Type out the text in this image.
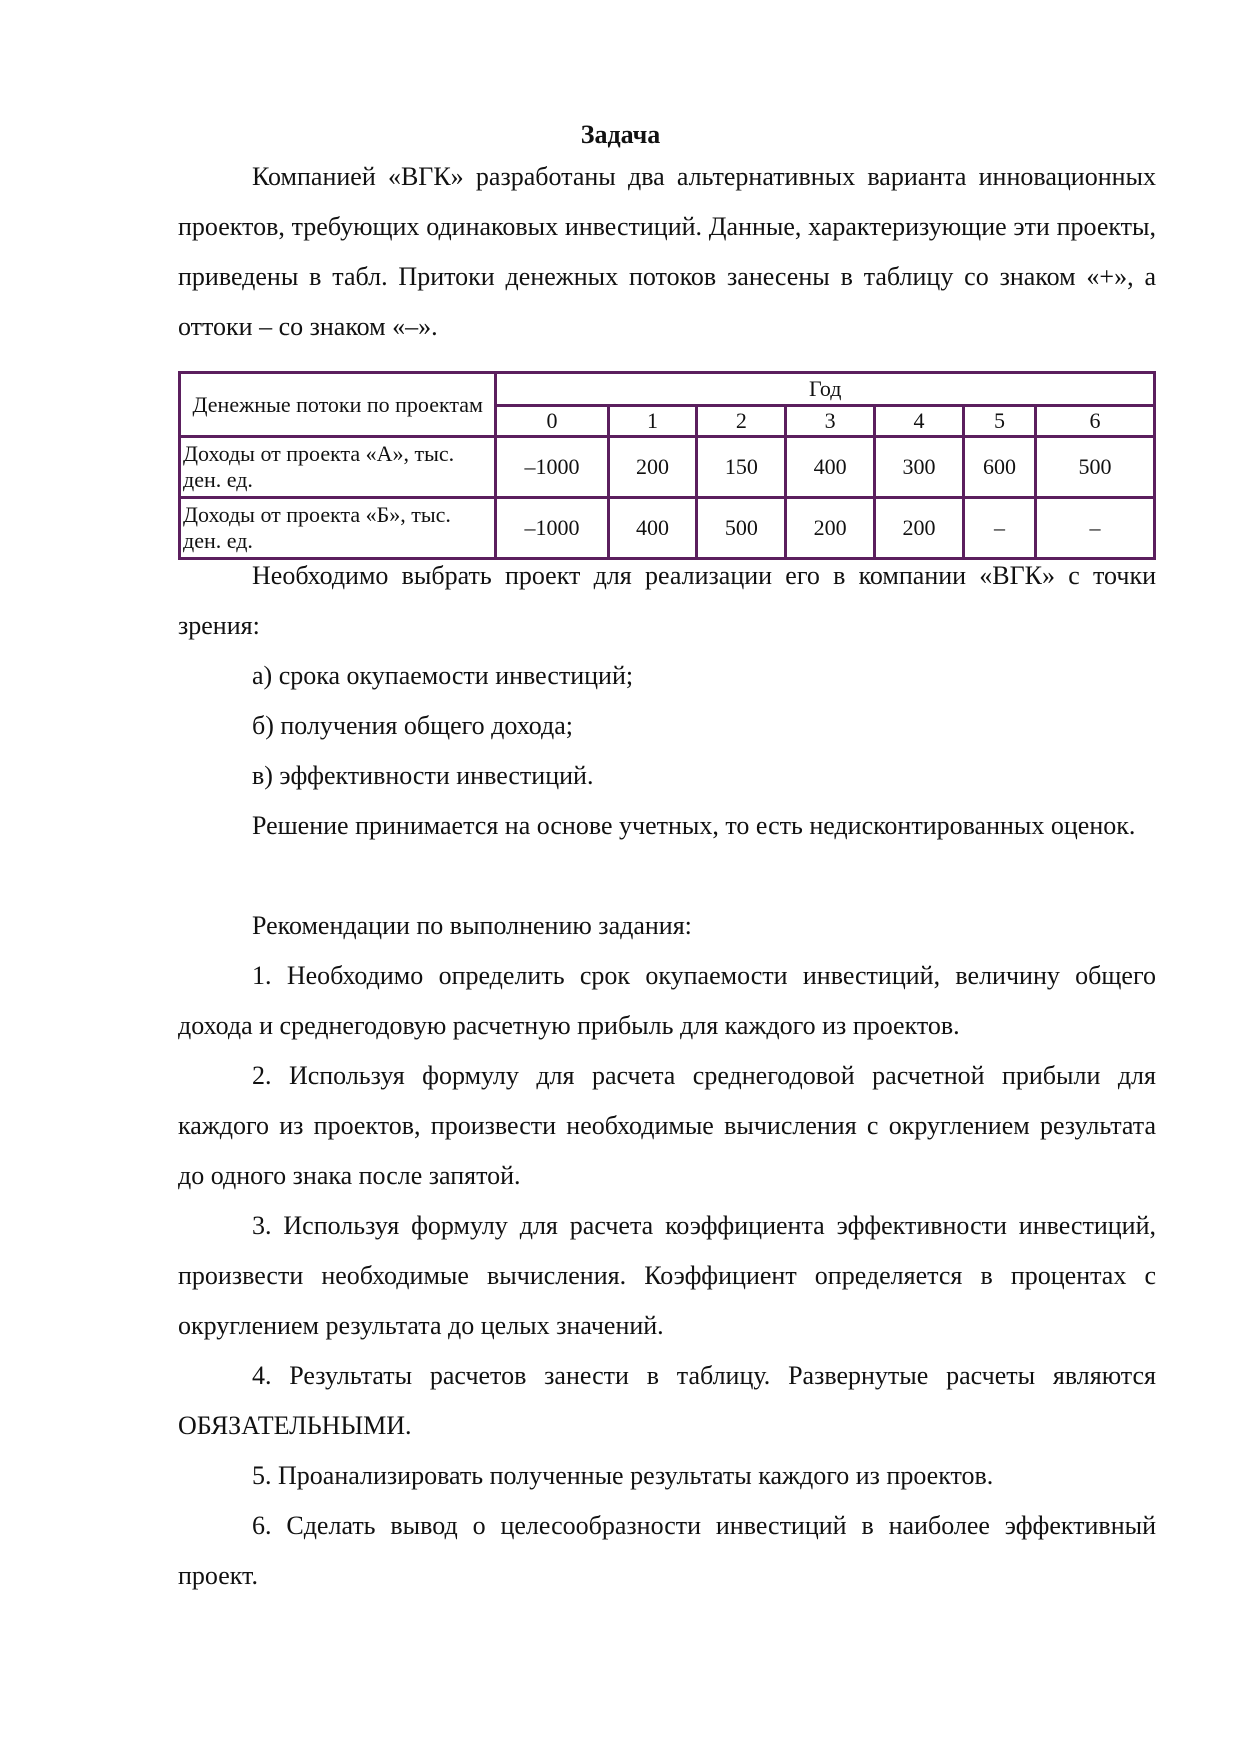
Задача
Компанией «ВГК» разработаны два альтернативных варианта инновационных проектов, требующих одинаковых инвестиций. Данные, характеризующие эти проекты, приведены в табл. Притоки денежных потоков занесены в таблицу со знаком «+», а оттоки – со знаком «–».
Денежные потоки по проектам	Год						
	0	1	2	3	4	5	6
Доходы от проекта «А», тыс. ден. ед.	–1000	200	150	400	300	600	500
Доходы от проекта «Б», тыс. ден. ед.	–1000	400	500	200	200	–	–
Необходимо выбрать проект для реализации его в компании «ВГК» с точки зрения:
а) срока окупаемости инвестиций;
б) получения общего дохода;
в) эффективности инвестиций.
Решение принимается на основе учетных, то есть недисконтированных оценок.
Рекомендации по выполнению задания:
1. Необходимо определить срок окупаемости инвестиций, величину общего дохода и среднегодовую расчетную прибыль для каждого из проектов.
2. Используя формулу для расчета среднегодовой расчетной прибыли для каждого из проектов, произвести необходимые вычисления с округлением результата до одного знака после запятой.
3. Используя формулу для расчета коэффициента эффективности инвестиций, произвести необходимые вычисления. Коэффициент определяется в процентах с округлением результата до целых значений.
4. Результаты расчетов занести в таблицу. Развернутые расчеты являются ОБЯЗАТЕЛЬНЫМИ.
5. Проанализировать полученные результаты каждого из проектов.
6. Сделать вывод о целесообразности инвестиций в наиболее эффективный проект.
